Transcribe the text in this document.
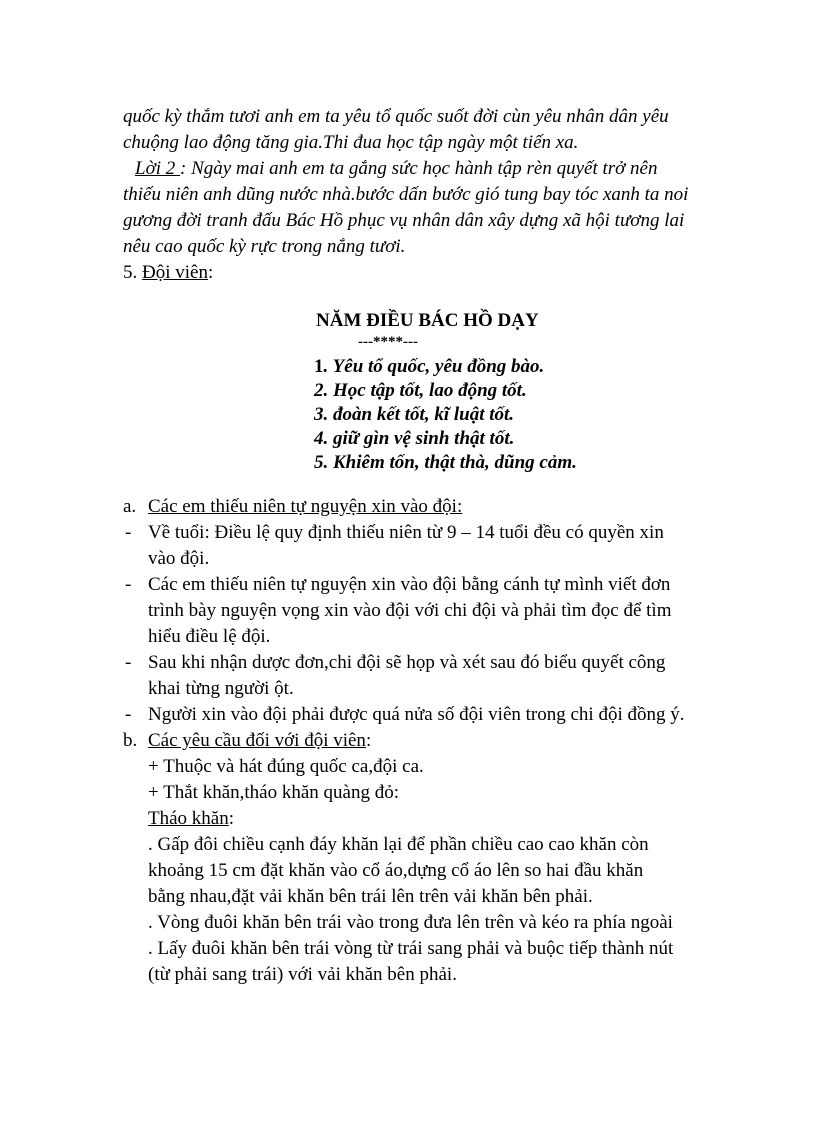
quốc kỳ thắm tươi anh em ta yêu tổ quốc suốt đời cùn yêu nhân dân yêu
chuộng lao động tăng gia.Thi đua học tập ngày một tiến xa.
Lời 2 : Ngày mai anh em ta gắng sức học hành tập rèn quyết trở nên
thiếu niên anh dũng nước nhà.bước dấn bước gió tung bay tóc xanh ta noi
gương đời tranh đấu Bác Hồ phục vụ nhân dân xây dựng xã hội tương lai
nêu cao quốc kỳ rực trong nắng tươi.
5. Đội viên:
NĂM ĐIỀU BÁC HỒ DẠY
---****---
1. Yêu tổ quốc, yêu đồng bào.
2. Học tập tốt, lao động tốt.
3. đoàn kết tốt, kĩ luật tốt.
4. giữ gìn vệ sinh thật tốt.
5. Khiêm tốn, thật thà, dũng cảm.
a. Các em thiếu niên tự nguyện xin vào đội:
- Về tuổi: Điều lệ quy định thiếu niên từ 9 – 14 tuổi đều có quyền xin
vào đội.
- Các em thiếu niên tự nguyện xin vào đội bằng cánh tự mình viết đơn
trình bày nguyện vọng xin vào đội với chi đội và phải tìm đọc để tìm
hiểu điều lệ đội.
- Sau khi nhận dược đơn,chi đội sẽ họp và xét sau đó biểu quyết công
khai từng người ột.
- Người xin vào đội phải được quá nửa số đội viên trong chi đội đồng ý.
b. Các yêu cầu đối với đội viên:
+ Thuộc và hát đúng quốc ca,đội ca.
+ Thắt khăn,tháo khăn quàng đỏ:
Tháo khăn:
. Gấp đôi chiều cạnh đáy khăn lại để phần chiều cao cao khăn còn
khoảng 15 cm đặt khăn vào cổ áo,dựng cổ áo lên so hai đầu khăn
bằng nhau,đặt vải khăn bên trái lên trên vải khăn bên phải.
. Vòng đuôi khăn bên trái vào trong đưa lên trên và kéo ra phía ngoài
. Lấy đuôi khăn bên trái vòng từ trái sang phải và buộc tiếp thành nút
(từ phải sang trái) với vải khăn bên phải.
